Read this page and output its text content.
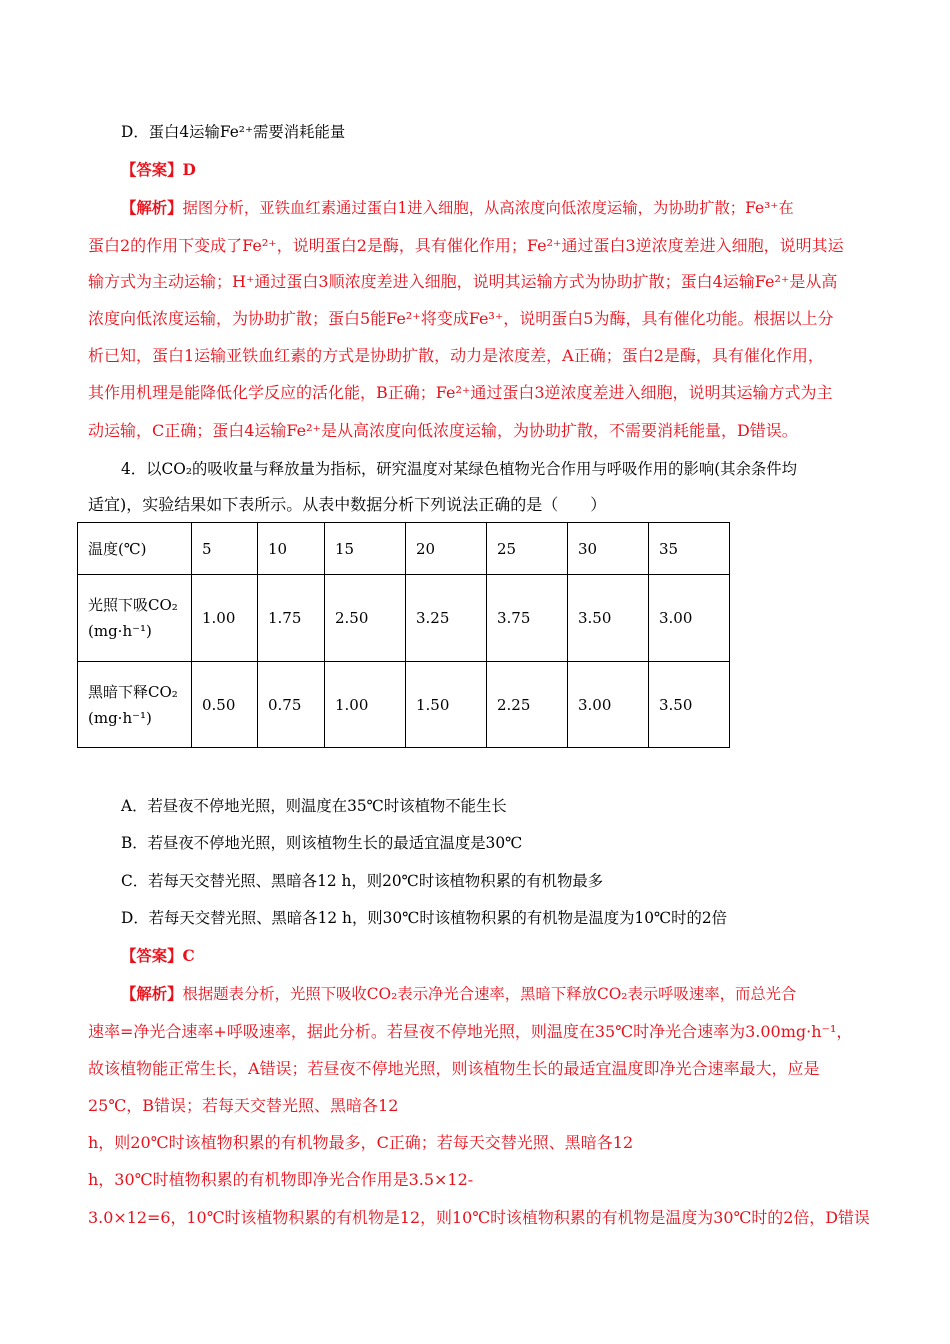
D．蛋白4运输Fe²⁺需要消耗能量
【答案】D
【解析】据图分析，亚铁血红素通过蛋白1进入细胞，从高浓度向低浓度运输，为协助扩散；Fe³⁺在
蛋白2的作用下变成了Fe²⁺，说明蛋白2是酶，具有催化作用；Fe²⁺通过蛋白3逆浓度差进入细胞，说明其运
输方式为主动运输；H⁺通过蛋白3顺浓度差进入细胞，说明其运输方式为协助扩散；蛋白4运输Fe²⁺是从高
浓度向低浓度运输，为协助扩散；蛋白5能Fe²⁺将变成Fe³⁺，说明蛋白5为酶，具有催化功能。根据以上分
析已知，蛋白1运输亚铁血红素的方式是协助扩散，动力是浓度差，A正确；蛋白2是酶，具有催化作用，
其作用机理是能降低化学反应的活化能，B正确；Fe²⁺通过蛋白3逆浓度差进入细胞，说明其运输方式为主
动运输，C正确；蛋白4运输Fe²⁺是从高浓度向低浓度运输，为协助扩散，不需要消耗能量，D错误。
4．以CO₂的吸收量与释放量为指标，研究温度对某绿色植物光合作用与呼吸作用的影响(其余条件均
适宜)，实验结果如下表所示。从表中数据分析下列说法正确的是（　　）
温度(℃)	5	10	15	20	25	30	35

光照下吸CO₂
(mg·h⁻¹)	1.00	1.75	2.50	3.25	3.75	3.50	3.00

黑暗下释CO₂
(mg·h⁻¹)	0.50	0.75	1.00	1.50	2.25	3.00	3.50
A．若昼夜不停地光照，则温度在35℃时该植物不能生长
B．若昼夜不停地光照，则该植物生长的最适宜温度是30℃
C．若每天交替光照、黑暗各12 h，则20℃时该植物积累的有机物最多
D．若每天交替光照、黑暗各12 h，则30℃时该植物积累的有机物是温度为10℃时的2倍
【答案】C
【解析】根据题表分析，光照下吸收CO₂表示净光合速率，黑暗下释放CO₂表示呼吸速率，而总光合
速率=净光合速率+呼吸速率，据此分析。若昼夜不停地光照，则温度在35℃时净光合速率为3.00mg·h⁻¹，
故该植物能正常生长，A错误；若昼夜不停地光照，则该植物生长的最适宜温度即净光合速率最大，应是
25℃，B错误；若每天交替光照、黑暗各12
h，则20℃时该植物积累的有机物最多，C正确；若每天交替光照、黑暗各12
h，30℃时植物积累的有机物即净光合作用是3.5×12-
3.0×12=6，10℃时该植物积累的有机物是12，则10℃时该植物积累的有机物是温度为30℃时的2倍，D错误
